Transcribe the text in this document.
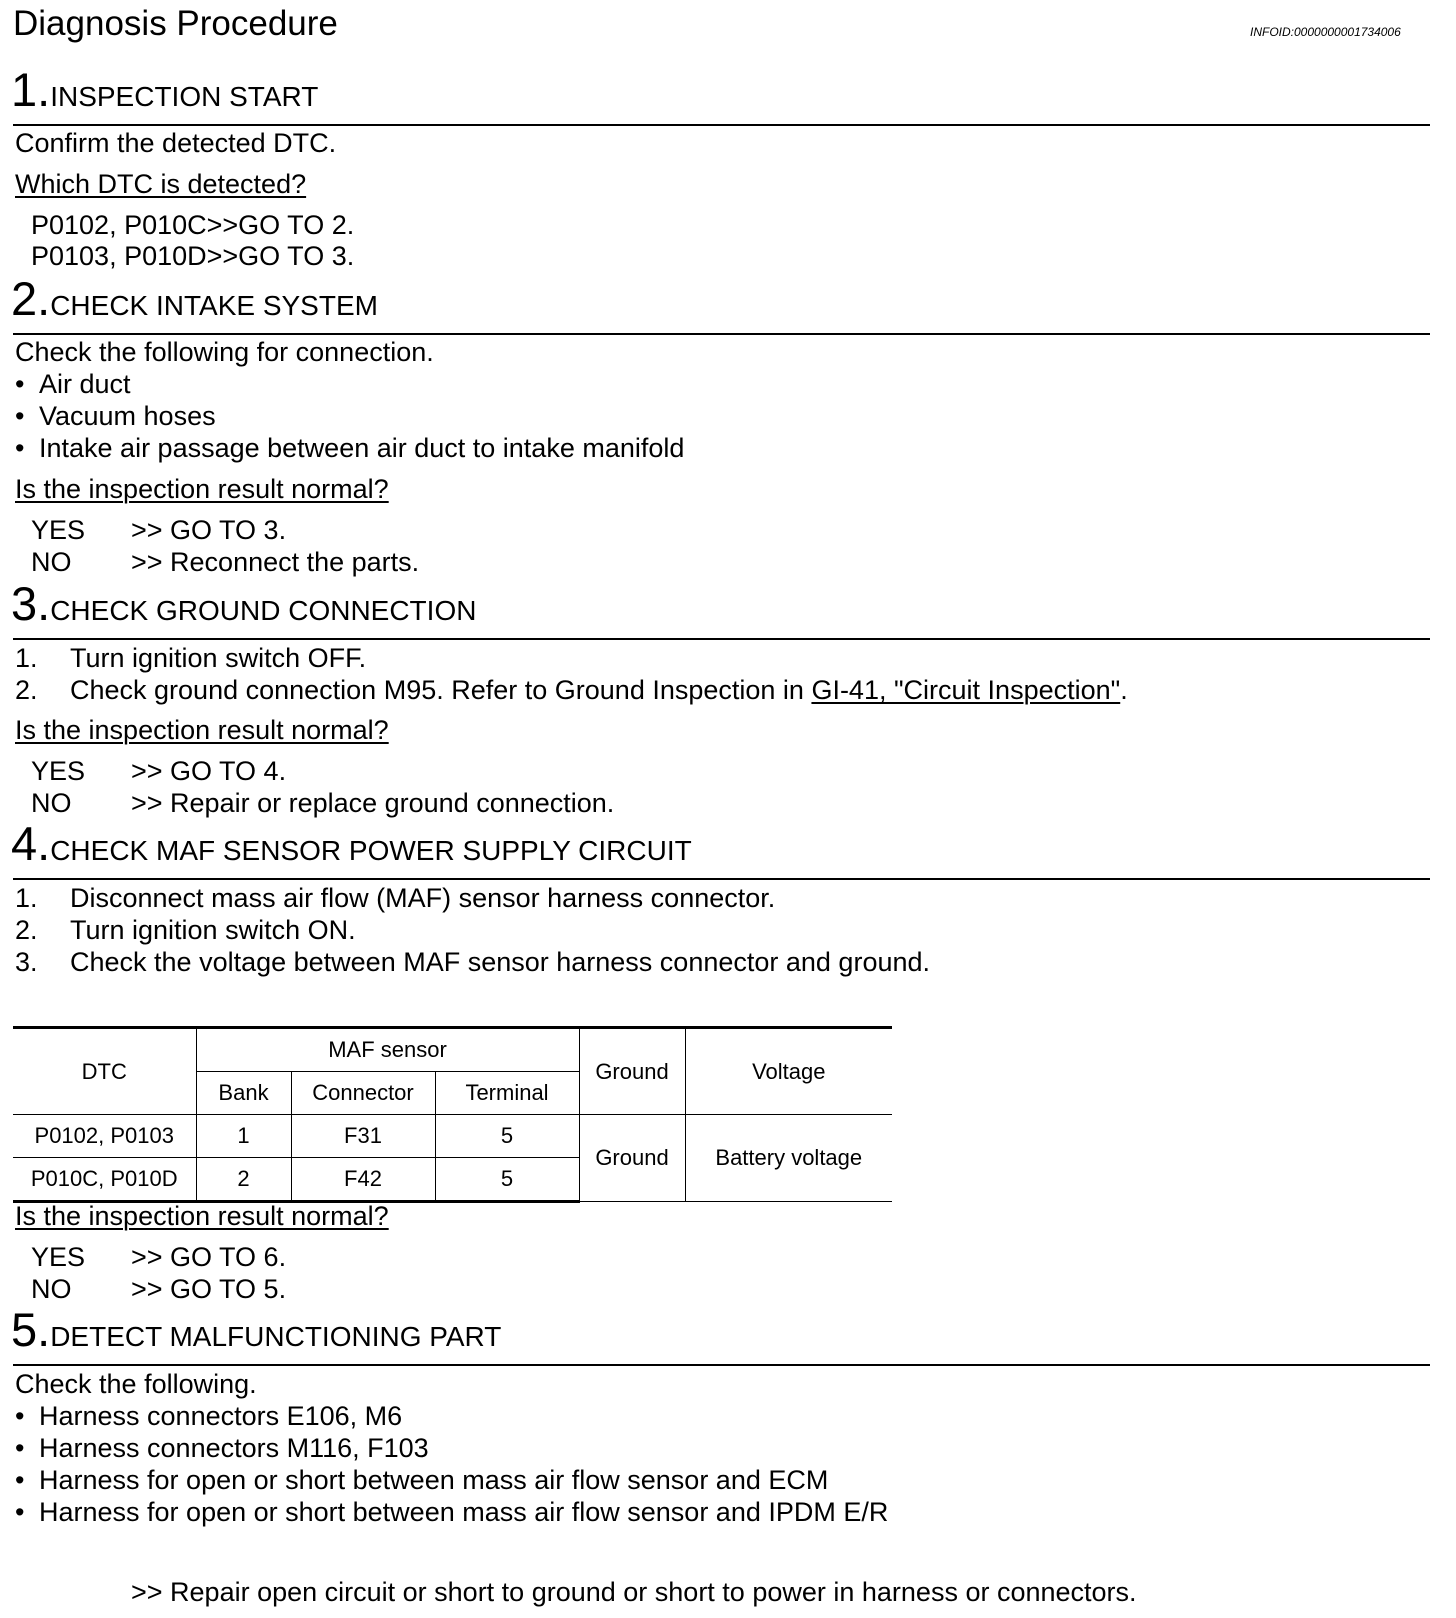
Diagnosis Procedure	INFOID:0000000001734006
1.INSPECTION START
Confirm the detected DTC.
Which DTC is detected?
P0102, P010C>>GO TO 2.
P0103, P010D>>GO TO 3.
2.CHECK INTAKE SYSTEM
Check the following for connection.
• Air duct
• Vacuum hoses
• Intake air passage between air duct to intake manifold
Is the inspection result normal?
YES >> GO TO 3.
NO >> Reconnect the parts.
3.CHECK GROUND CONNECTION
1. Turn ignition switch OFF.
2. Check ground connection M95. Refer to Ground Inspection in GI-41, "Circuit Inspection".
Is the inspection result normal?
YES >> GO TO 4.
NO >> Repair or replace ground connection.
4.CHECK MAF SENSOR POWER SUPPLY CIRCUIT
1. Disconnect mass air flow (MAF) sensor harness connector.
2. Turn ignition switch ON.
3. Check the voltage between MAF sensor harness connector and ground.
DTC	MAF sensor			Ground	Voltage
	Bank	Connector	Terminal		
P0102, P0103	1	F31	5	Ground	Battery voltage
P010C, P010D	2	F42	5		
Is the inspection result normal?
YES >> GO TO 6.
NO >> GO TO 5.
5.DETECT MALFUNCTIONING PART
Check the following.
• Harness connectors E106, M6
• Harness connectors M116, F103
• Harness for open or short between mass air flow sensor and ECM
• Harness for open or short between mass air flow sensor and IPDM E/R
>> Repair open circuit or short to ground or short to power in harness or connectors.
